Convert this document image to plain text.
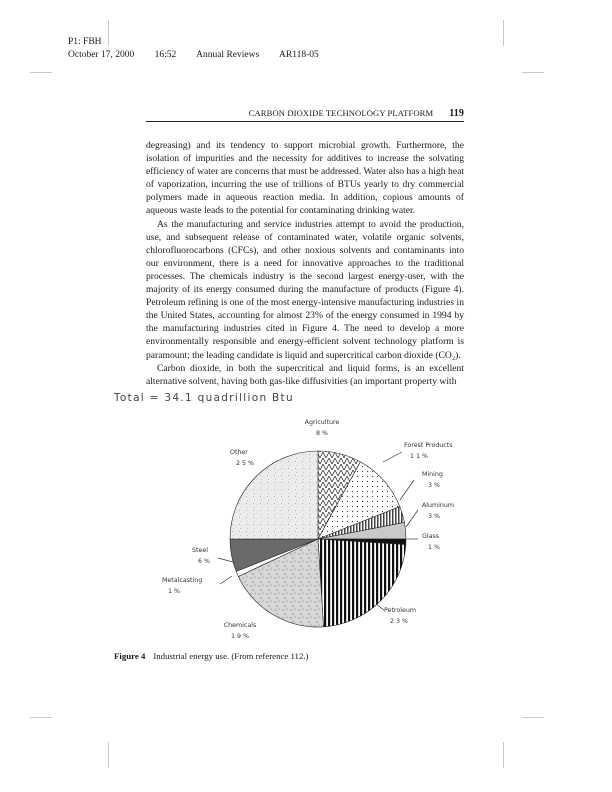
P1: FBH
October 17, 2000 16:52 Annual Reviews AR118-05
CARBON DIOXIDE TECHNOLOGY PLATFORM 119

degreasing) and its tendency to support microbial growth. Furthermore, the isolation of impurities and the necessity for additives to increase the solvating efficiency of water are concerns that must be addressed. Water also has a high heat of vaporization, incurring the use of trillions of BTUs yearly to dry commercial polymers made in aqueous reaction media. In addition, copious amounts of aqueous waste leads to the potential for contaminating drinking water.

As the manufacturing and service industries attempt to avoid the production, use, and subsequent release of contaminated water, volatile organic solvents, chlorofluorocarbons (CFCs), and other noxious solvents and contaminants into our environment, there is a need for innovative approaches to the traditional processes. The chemicals industry is the second largest energy-user, with the majority of its energy consumed during the manufacture of products (Figure 4). Petroleum refining is one of the most energy-intensive manufacturing industries in the United States, accounting for almost 23% of the energy consumed in 1994 by the manufacturing industries cited in Figure 4. The need to develop a more environmentally responsible and energy-efficient solvent technology platform is paramount; the leading candidate is liquid and supercritical carbon dioxide (CO₂).

Carbon dioxide, in both the supercritical and liquid forms, is an excellent alternative solvent, having both gas-like diffusivities (an important property with

Total = 34.1 quadrillion Btu
Agriculture
8 %
Forest Products
1 1 %
Mining
3 %
Aluminum
3 %
Glass
1 %
Petroleum
2 3 %
Chemicals
1 9 %
Metalcasting
1 %
Steel
6 %
Other
2 5 %
Figure 4 Industrial energy use. (From reference 112.)
